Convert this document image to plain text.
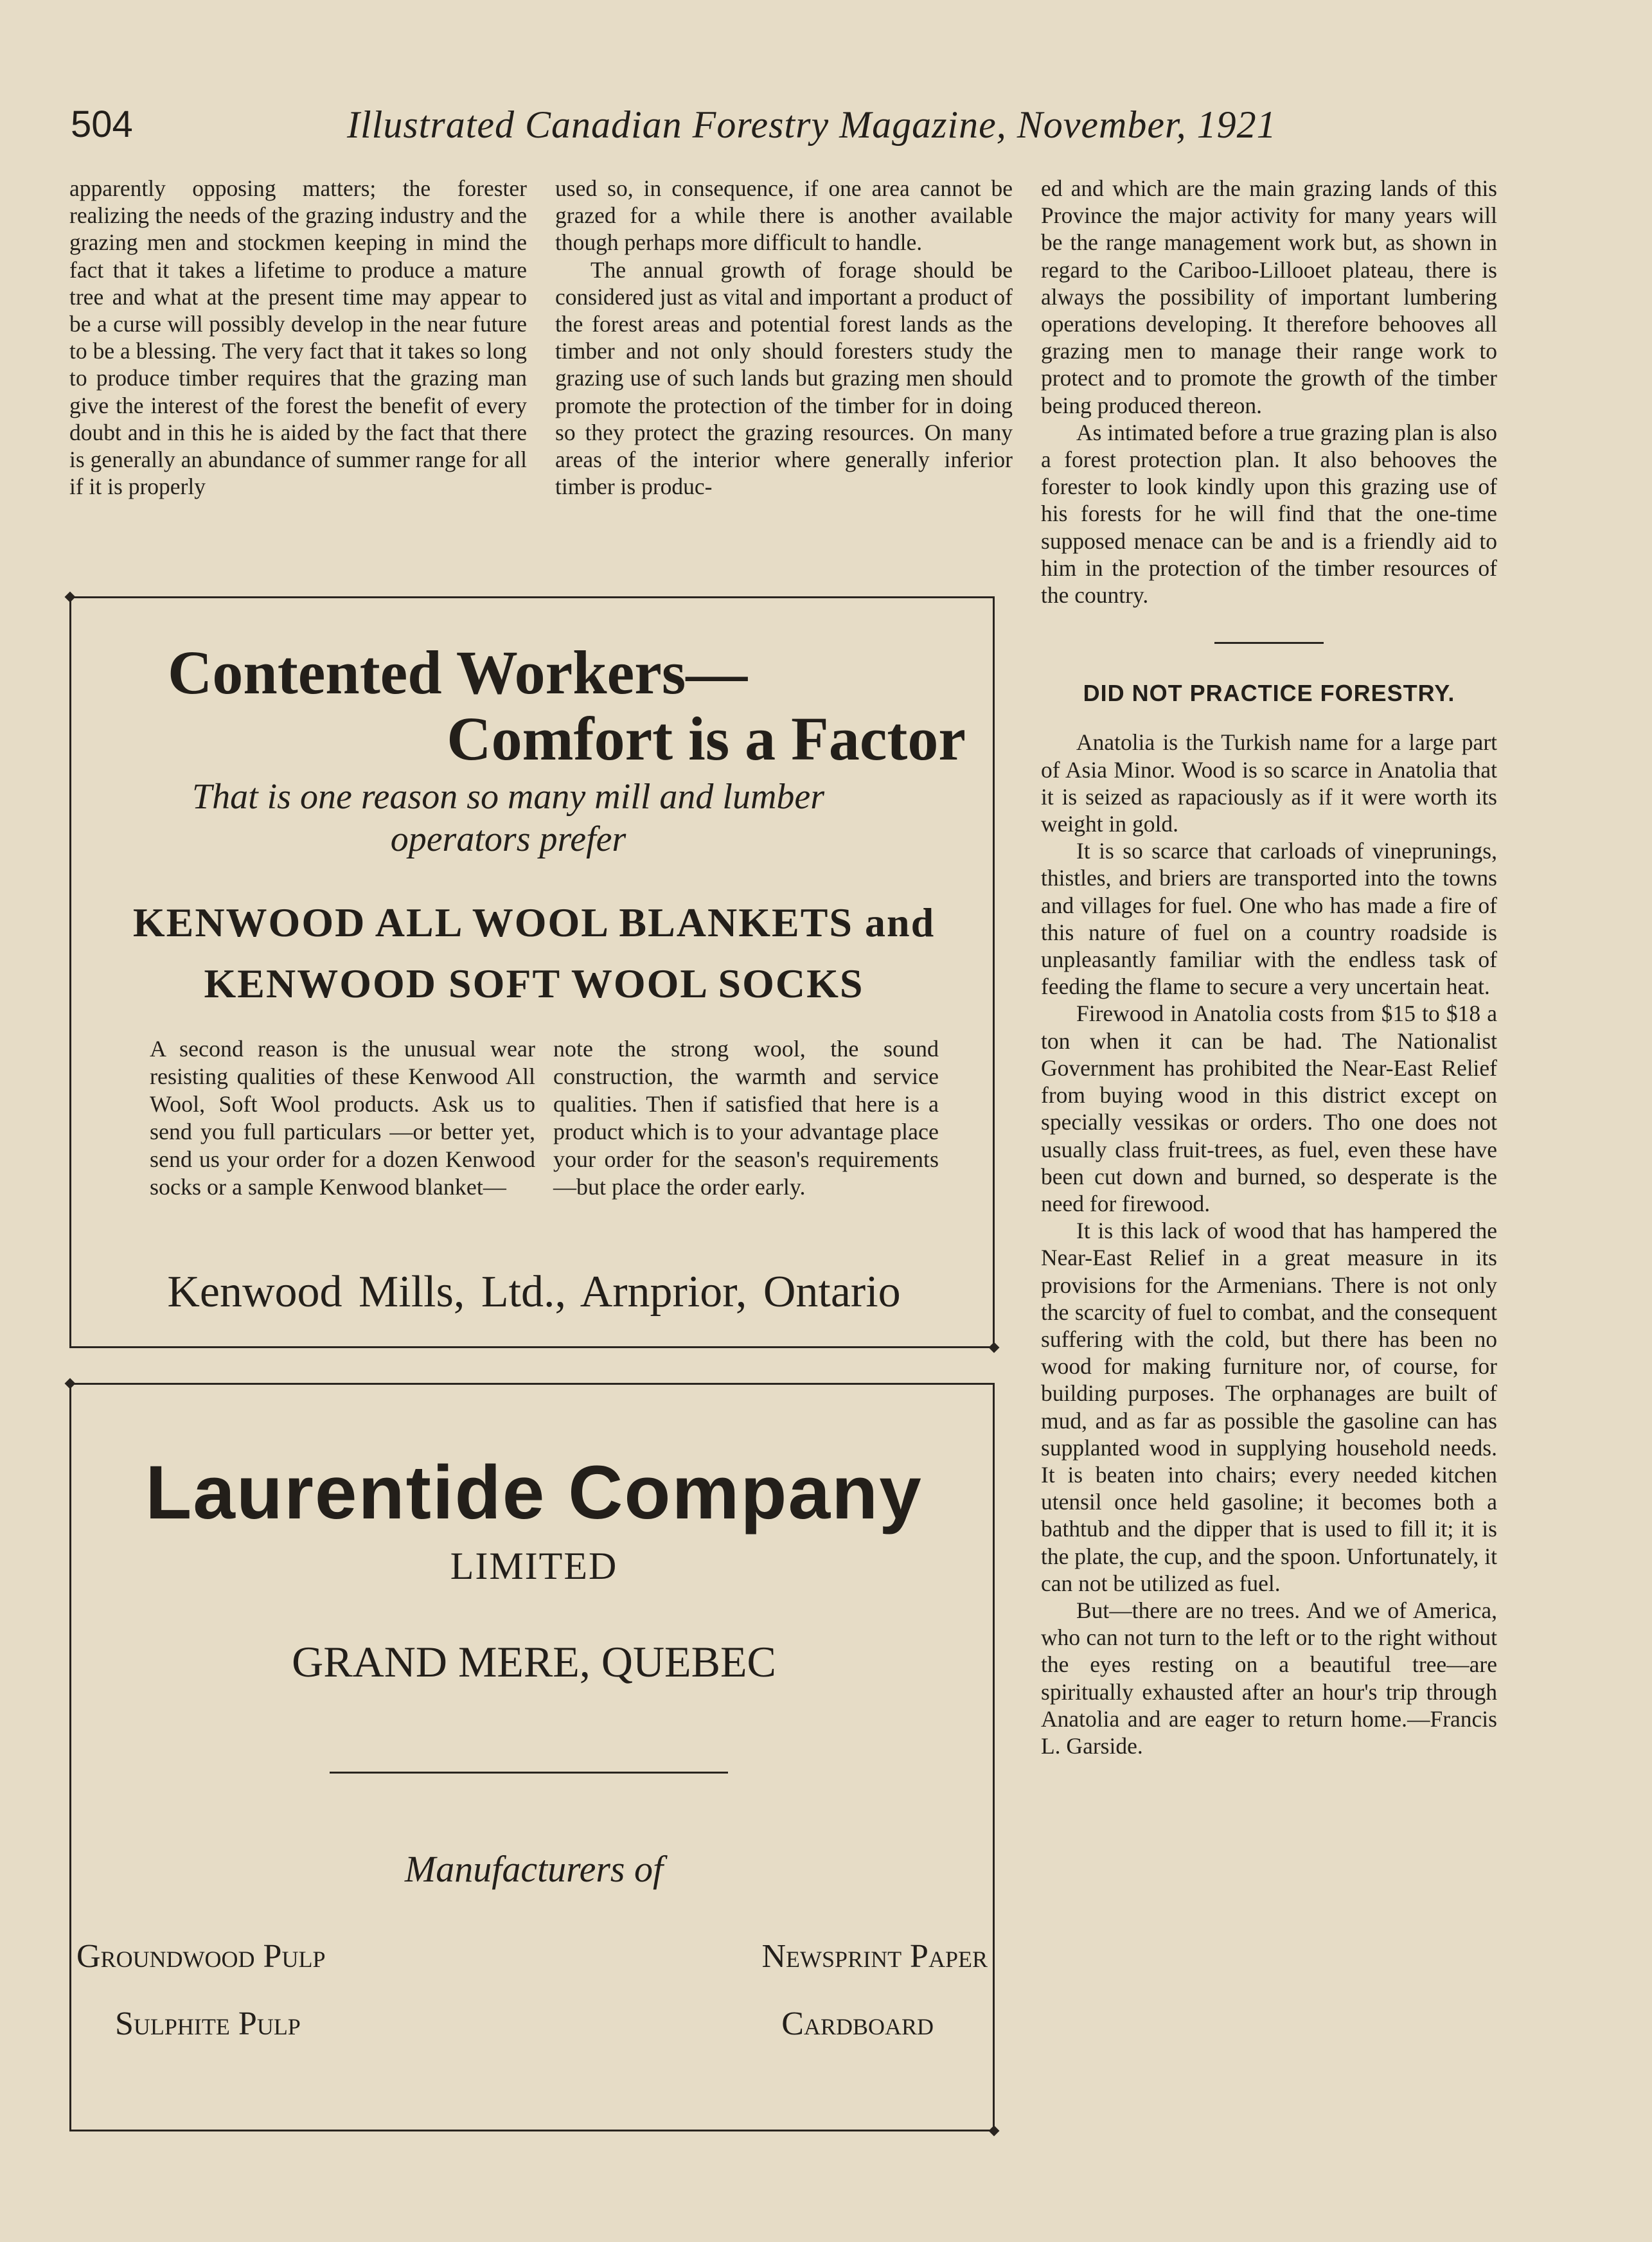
504	Illustrated Canadian Forestry Magazine, November, 1921

apparently opposing matters; the forester realizing the needs of the grazing industry and the grazing men and stockmen keeping in mind the fact that it takes a lifetime to produce a mature tree and what at the present time may appear to be a curse will possibly develop in the near future to be a blessing. The very fact that it takes so long to produce timber requires that the grazing man give the interest of the forest the benefit of every doubt and in this he is aided by the fact that there is generally an abundance of summer range for all if it is properly

used so, in consequence, if one area cannot be grazed for a while there is another available though perhaps more difficult to handle.

The annual growth of forage should be considered just as vital and important a product of the forest areas and potential forest lands as the timber and not only should foresters study the grazing use of such lands but grazing men should promote the protection of the timber for in doing so they protect the grazing resources. On many areas of the interior where generally inferior timber is produc-

ed and which are the main grazing lands of this Province the major activity for many years will be the range management work but, as shown in regard to the Cariboo-Lillooet plateau, there is always the possibility of important lumbering operations developing. It therefore behooves all grazing men to manage their range work to protect and to promote the growth of the timber being produced thereon.

As intimated before a true grazing plan is also a forest protection plan. It also behooves the forester to look kindly upon this grazing use of his forests for he will find that the one-time supposed menace can be and is a friendly aid to him in the protection of the timber resources of the country.

DID NOT PRACTICE FORESTRY.

Anatolia is the Turkish name for a large part of Asia Minor. Wood is so scarce in Anatolia that it is seized as rapaciously as if it were worth its weight in gold.

It is so scarce that carloads of vineprunings, thistles, and briers are transported into the towns and villages for fuel. One who has made a fire of this nature of fuel on a country roadside is unpleasantly familiar with the endless task of feeding the flame to secure a very uncertain heat.

Firewood in Anatolia costs from $15 to $18 a ton when it can be had. The Nationalist Government has prohibited the Near-East Relief from buying wood in this district except on specially vessikas or orders. Tho one does not usually class fruit-trees, as fuel, even these have been cut down and burned, so desperate is the need for firewood.

It is this lack of wood that has hampered the Near-East Relief in a great measure in its provisions for the Armenians. There is not only the scarcity of fuel to combat, and the consequent suffering with the cold, but there has been no wood for making furniture nor, of course, for building purposes. The orphanages are built of mud, and as far as possible the gasoline can has supplanted wood in supplying household needs. It is beaten into chairs; every needed kitchen utensil once held gasoline; it becomes both a bathtub and the dipper that is used to fill it; it is the plate, the cup, and the spoon. Unfortunately, it can not be utilized as fuel.

But—there are no trees. And we of America, who can not turn to the left or to the right without the eyes resting on a beautiful tree—are spiritually exhausted after an hour's trip through Anatolia and are eager to return home.—Francis L. Garside.

Contented Workers—
Comfort is a Factor
That is one reason so many mill and lumber operators prefer
KENWOOD ALL WOOL BLANKETS and
KENWOOD SOFT WOOL SOCKS
A second reason is the unusual wear resisting qualities of these Kenwood All Wool, Soft Wool products. Ask us to send you full particulars —or better yet, send us your order for a dozen Kenwood socks or a sample Kenwood blanket—
note the strong wool, the sound construction, the warmth and service qualities. Then if satisfied that here is a product which is to your advantage place your order for the season's requirements—but place the order early.
Kenwood Mills, Ltd., Arnprior, Ontario
Laurentide Company
LIMITED
GRAND MERE, QUEBEC
Manufacturers of
Groundwood Pulp	Newsprint Paper
Sulphite Pulp	Cardboard
